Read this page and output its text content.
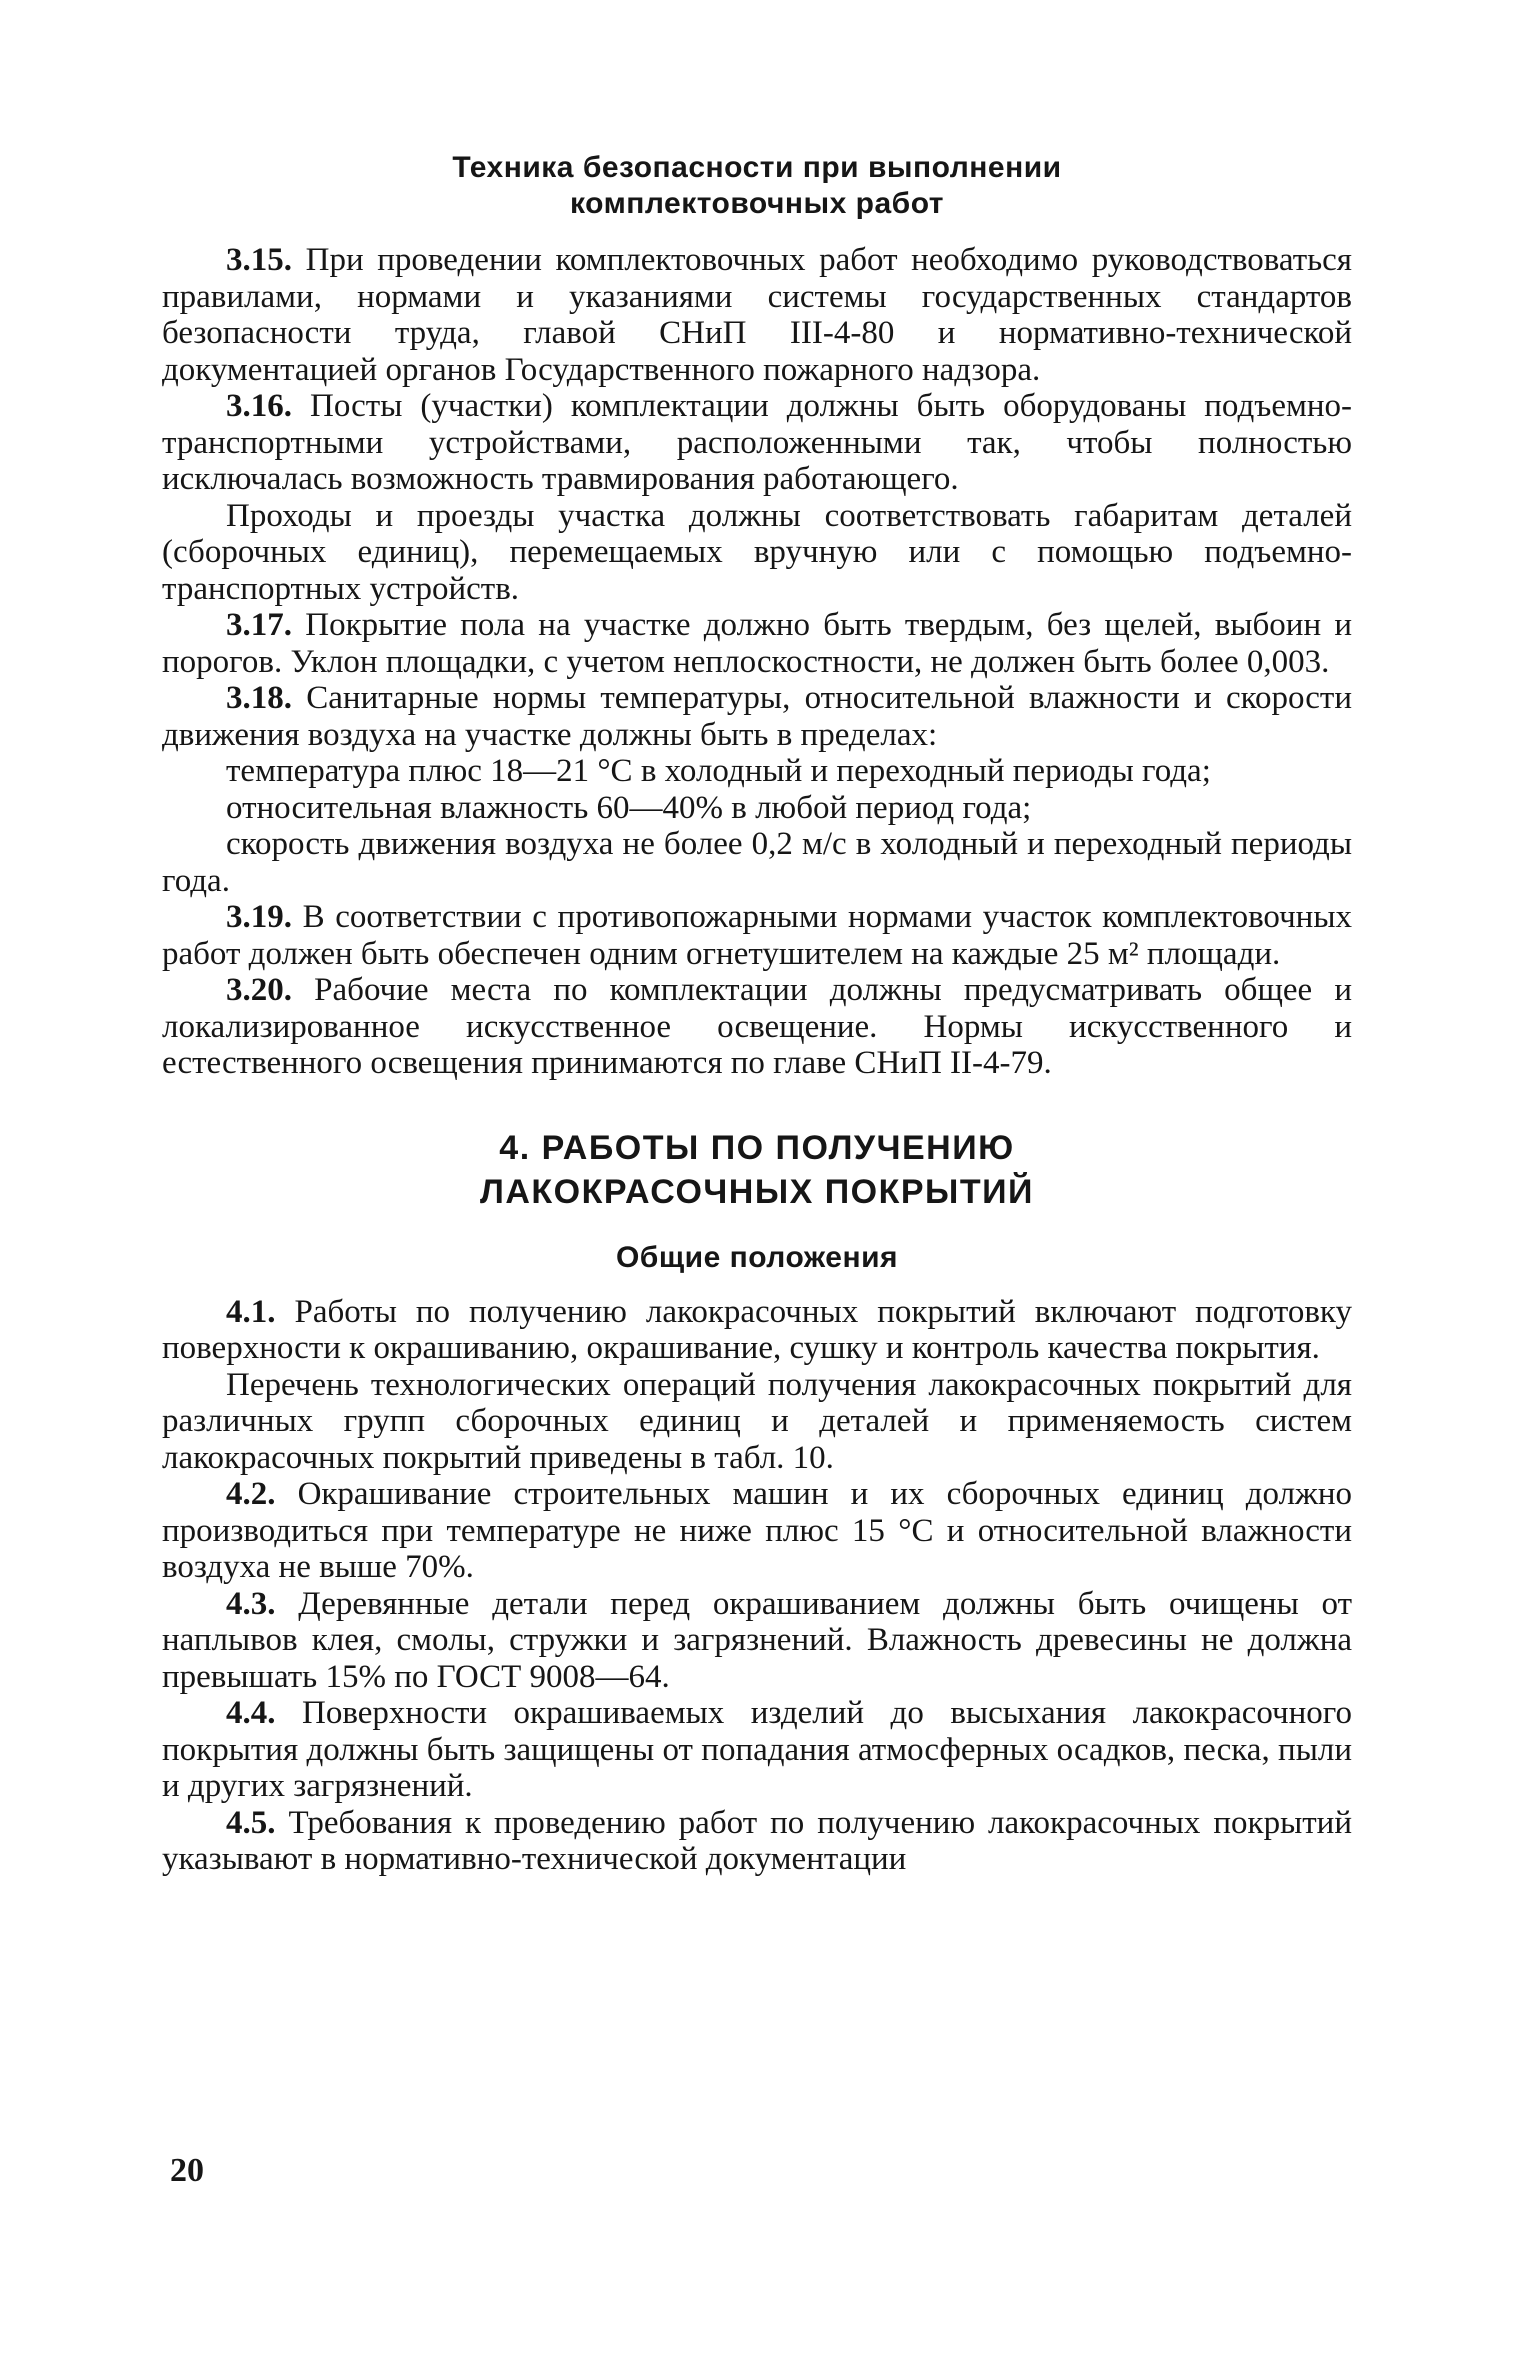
Техника безопасности при выполнении
комплектовочных работ

3.15. При проведении комплектовочных работ необходимо руководствоваться правилами, нормами и указаниями системы государственных стандартов безопасности труда, главой СНиП III-4-80 и нормативно-технической документацией органов Государственного пожарного надзора.

3.16. Посты (участки) комплектации должны быть оборудованы подъемно-транспортными устройствами, расположенными так, чтобы полностью исключалась возможность травмирования работающего.

Проходы и проезды участка должны соответствовать габаритам деталей (сборочных единиц), перемещаемых вручную или с помощью подъемно-транспортных устройств.

3.17. Покрытие пола на участке должно быть твердым, без щелей, выбоин и порогов. Уклон площадки, с учетом неплоскостности, не должен быть более 0,003.

3.18. Санитарные нормы температуры, относительной влажности и скорости движения воздуха на участке должны быть в пределах:

температура плюс 18—21 °С в холодный и переходный периоды года;

относительная влажность 60—40% в любой период года;

скорость движения воздуха не более 0,2 м/с в холодный и переходный периоды года.

3.19. В соответствии с противопожарными нормами участок комплектовочных работ должен быть обеспечен одним огнетушителем на каждые 25 м² площади.

3.20. Рабочие места по комплектации должны предусматривать общее и локализированное искусственное освещение. Нормы искусственного и естественного освещения принимаются по главе СНиП II-4-79.

4. РАБОТЫ ПО ПОЛУЧЕНИЮ
ЛАКОКРАСОЧНЫХ ПОКРЫТИЙ
Общие положения

4.1. Работы по получению лакокрасочных покрытий включают подготовку поверхности к окрашиванию, окрашивание, сушку и контроль качества покрытия.

Перечень технологических операций получения лакокрасочных покрытий для различных групп сборочных единиц и деталей и применяемость систем лакокрасочных покрытий приведены в табл. 10.

4.2. Окрашивание строительных машин и их сборочных единиц должно производиться при температуре не ниже плюс 15 °С и относительной влажности воздуха не выше 70%.

4.3. Деревянные детали перед окрашиванием должны быть очищены от наплывов клея, смолы, стружки и загрязнений. Влажность древесины не должна превышать 15% по ГОСТ 9008—64.

4.4. Поверхности окрашиваемых изделий до высыхания лакокрасочного покрытия должны быть защищены от попадания атмосферных осадков, песка, пыли и других загрязнений.

4.5. Требования к проведению работ по получению лакокрасочных покрытий указывают в нормативно-технической документации

20
